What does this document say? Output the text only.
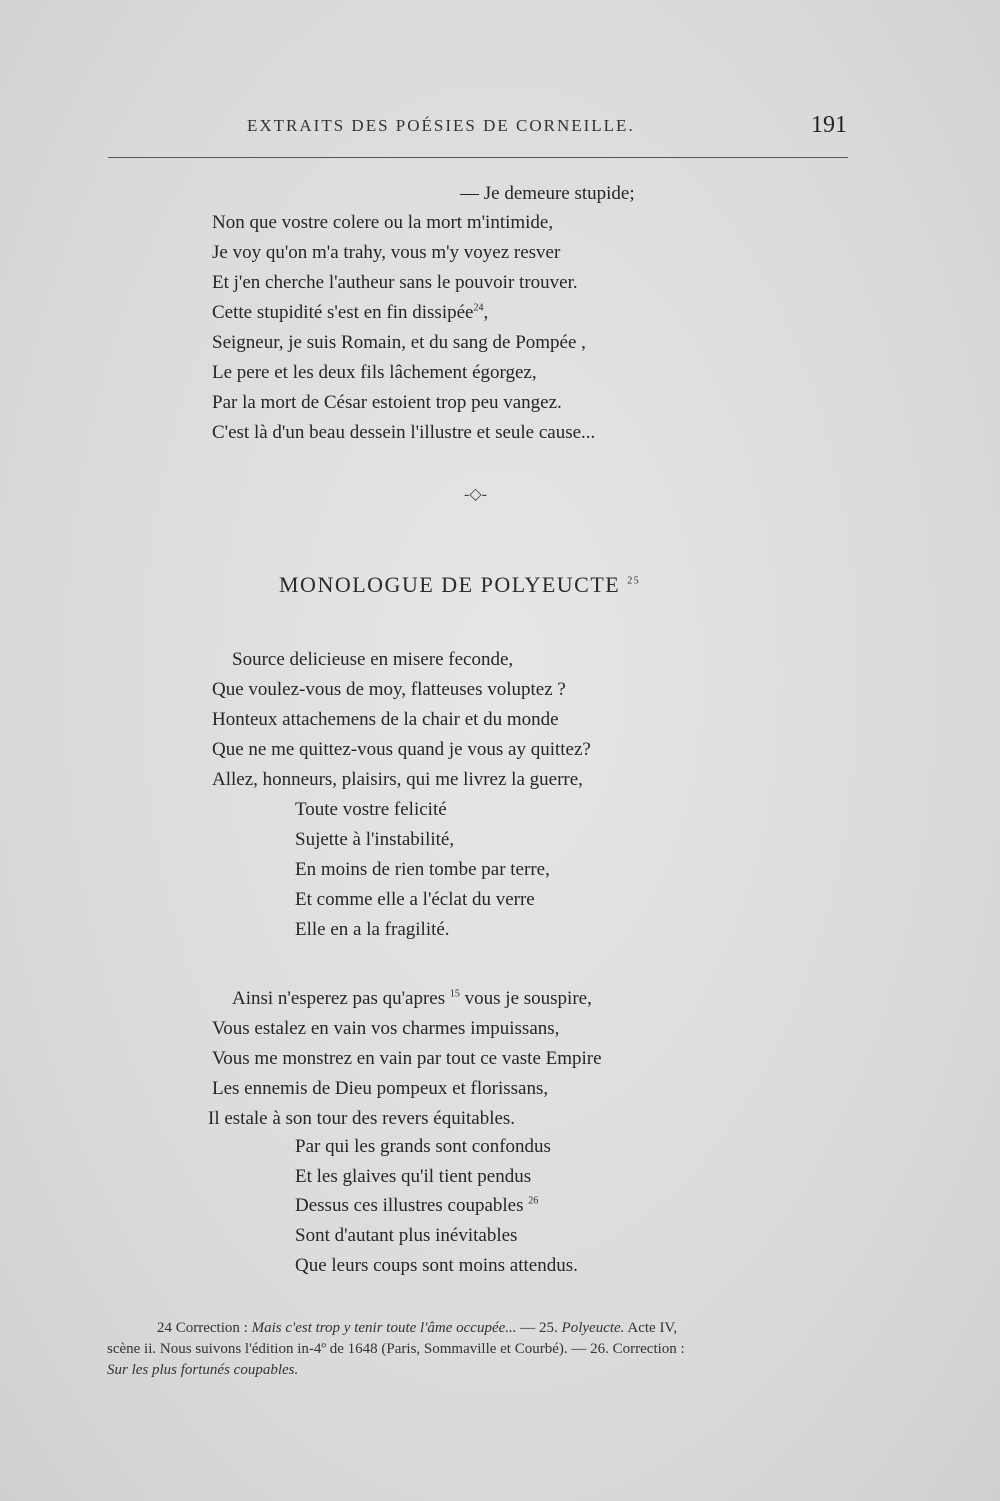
EXTRAITS DES POÉSIES DE CORNEILLE.	191
— Je demeure stupide;
Non que vostre colere ou la mort m'intimide,
Je voy qu'on m'a trahy, vous m'y voyez resver
Et j'en cherche l'autheur sans le pouvoir trouver.
Cette stupidité s'est en fin dissipée$^{24}$,
Seigneur, je suis Romain, et du sang de Pompée ,
Le pere et les deux fils lâchement égorgez,
Par la mort de César estoient trop peu vangez.
C'est là d'un beau dessein l'illustre et seule cause...
-◇-
MONOLOGUE DE POLYEUCTE $^{25}$
Source delicieuse en misere feconde,
Que voulez-vous de moy, flatteuses voluptez ?
Honteux attachemens de la chair et du monde
Que ne me quittez-vous quand je vous ay quittez?
Allez, honneurs, plaisirs, qui me livrez la guerre,
Toute vostre felicité
Sujette à l'instabilité,
En moins de rien tombe par terre,
Et comme elle a l'éclat du verre
Elle en a la fragilité.
Ainsi n'esperez pas qu'apres $^{15}$ vous je souspire,
Vous estalez en vain vos charmes impuissans,
Vous me monstrez en vain par tout ce vaste Empire
Les ennemis de Dieu pompeux et florissans,
Il estale à son tour des revers équitables.
Par qui les grands sont confondus
Et les glaives qu'il tient pendus
Dessus ces illustres coupables $^{26}$
Sont d'autant plus inévitables
Que leurs coups sont moins attendus.
24 Correction : Mais c'est trop y tenir toute l'âme occupée... — 25. Polyeucte. Acte IV,
scène ii. Nous suivons l'édition in-4º de 1648 (Paris, Sommaville et Courbé). — 26. Correction :
Sur les plus fortunés coupables.
